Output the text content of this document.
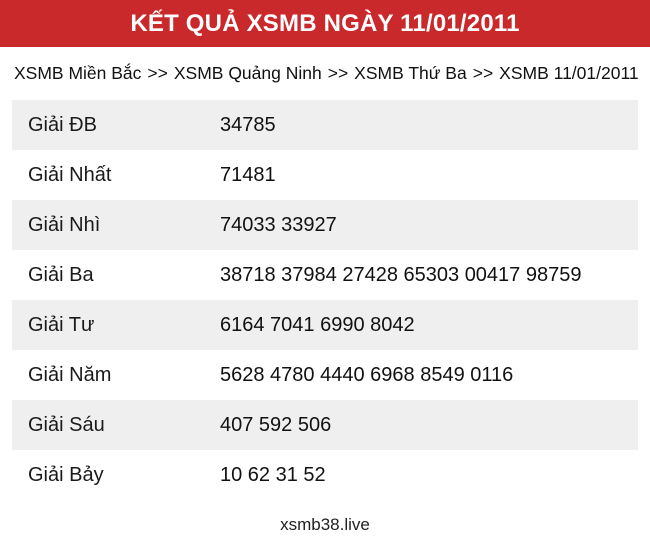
KẾT QUẢ XSMB NGÀY 11/01/2011
XSMB Miền Bắc >> XSMB Quảng Ninh >> XSMB Thứ Ba >> XSMB 11/01/2011
Giải ĐB	34785
Giải Nhất	71481
Giải Nhì	74033 33927
Giải Ba	38718 37984 27428 65303 00417 98759
Giải Tư	6164 7041 6990 8042
Giải Năm	5628 4780 4440 6968 8549 0116
Giải Sáu	407 592 506
Giải Bảy	10 62 31 52
xsmb38.live
